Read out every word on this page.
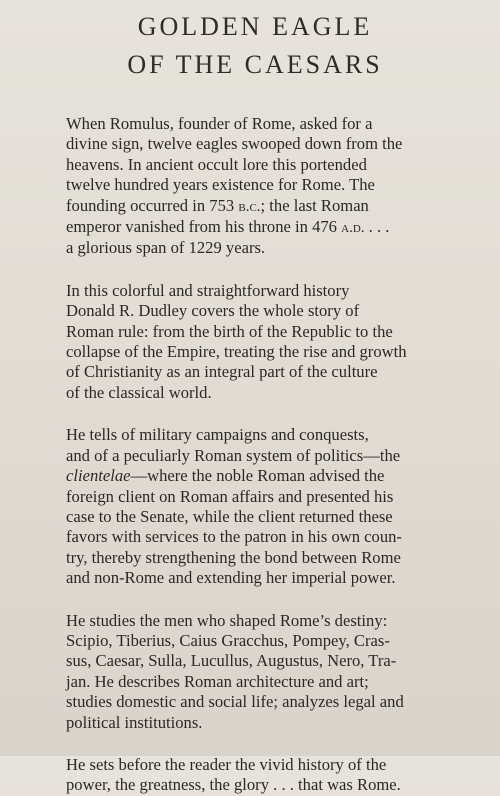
GOLDEN EAGLE
OF THE CAESARS

When Romulus, founder of Rome, asked for a
divine sign, twelve eagles swooped down from the
heavens. In ancient occult lore this portended
twelve hundred years existence for Rome. The
founding occurred in 753 b.c.; the last Roman
emperor vanished from his throne in 476 a.d. . . .
a glorious span of 1229 years.

In this colorful and straightforward history
Donald R. Dudley covers the whole story of
Roman rule: from the birth of the Republic to the
collapse of the Empire, treating the rise and growth
of Christianity as an integral part of the culture
of the classical world.

He tells of military campaigns and conquests,
and of a peculiarly Roman system of politics—the
clientelae—where the noble Roman advised the
foreign client on Roman affairs and presented his
case to the Senate, while the client returned these
favors with services to the patron in his own coun-
try, thereby strengthening the bond between Rome
and non-Rome and extending her imperial power.

He studies the men who shaped Rome’s destiny:
Scipio, Tiberius, Caius Gracchus, Pompey, Cras-
sus, Caesar, Sulla, Lucullus, Augustus, Nero, Tra-
jan. He describes Roman architecture and art;
studies domestic and social life; analyzes legal and
political institutions.

He sets before the reader the vivid history of the
power, the greatness, the glory . . . that was Rome.
